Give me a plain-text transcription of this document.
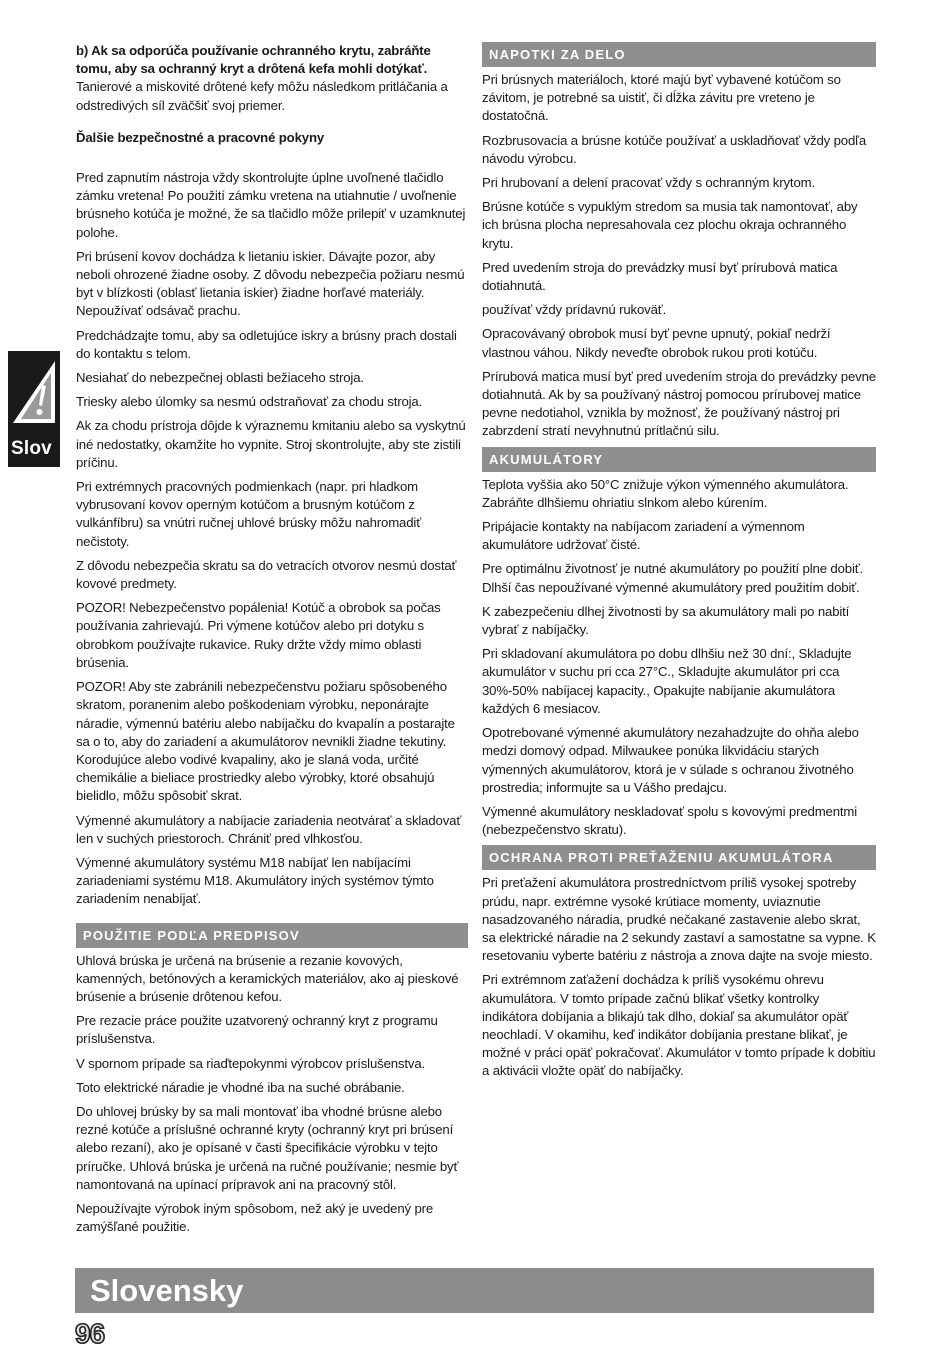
Slov

b) Ak sa odporúča používanie ochranného krytu, zabráňte tomu, aby sa ochranný kryt a drôtená kefa mohli dotýkať. Tanierové a miskovité drôtené kefy môžu následkom pritláčania a odstredivých síl zväčšiť svoj priemer.

Ďalšie bezpečnostné a pracovné pokyny

Pred zapnutím nástroja vždy skontrolujte úplne uvoľnené tlačidlo zámku vretena! Po použití zámku vretena na utiahnutie / uvoľnenie brúsneho kotúča je možné, že sa tlačidlo môže prilepiť v uzamknutej polohe.

Pri brúsení kovov dochádza k lietaniu iskier. Dávajte pozor, aby neboli ohrozené žiadne osoby. Z dôvodu nebezpečia požiaru nesmú byt v blízkosti (oblasť lietania iskier) žiadne horľavé materiály. Nepoužívať odsávač prachu.

Predchádzajte tomu, aby sa odletujúce iskry a brúsny prach dostali do kontaktu s telom.

Nesiahať do nebezpečnej oblasti bežiaceho stroja.

Triesky alebo úlomky sa nesmú odstraňovať za chodu stroja.

Ak za chodu prístroja dôjde k výraznemu kmitaniu alebo sa vyskytnú iné nedostatky, okamžite ho vypnite. Stroj skontrolujte, aby ste zistili príčinu.

Pri extrémnych pracovných podmienkach (napr. pri hladkom vybrusovaní kovov operným kotúčom a brusným kotúčom z vulkánfíbru) sa vnútri ručnej uhlové brúsky môžu nahromadiť nečistoty.

Z dôvodu nebezpečia skratu sa do vetracích otvorov nesmú dostať kovové predmety.

POZOR! Nebezpečenstvo popálenia! Kotúč a obrobok sa počas používania zahrievajú. Pri výmene kotúčov alebo pri dotyku s obrobkom používajte rukavice. Ruky držte vždy mimo oblasti brúsenia.

POZOR! Aby ste zabránili nebezpečenstvu požiaru spôsobeného skratom, poranenim alebo poškodeniam výrobku, neponárajte náradie, výmennú batériu alebo nabíjačku do kvapalín a postarajte sa o to, aby do zariadení a akumulátorov nevnikli žiadne tekutiny. Korodujúce alebo vodivé kvapaliny, ako je slaná voda, určité chemikálie a bieliace prostriedky alebo výrobky, ktoré obsahujú bielidlo, môžu spôsobiť skrat.

Výmenné akumulátory a nabíjacie zariadenia neotvárať a skladovať len v suchých priestoroch. Chrániť pred vlhkosťou.

Výmenné akumulátory systému M18 nabíjať len nabíjacími zariadeniami systému M18. Akumulátory iných systémov týmto zariadením nenabíjať.

POUŽITIE PODĽA PREDPISOV

Uhlová brúska je určená na brúsenie a rezanie kovových, kamenných, betónových a keramických materiálov, ako aj pieskové brúsenie a brúsenie drôtenou kefou.

Pre rezacie práce použite uzatvorený ochranný kryt z programu príslušenstva.

V spornom prípade sa riaďtepokynmi výrobcov príslušenstva.

Toto elektrické náradie je vhodné iba na suché obrábanie.

Do uhlovej brúsky by sa mali montovať iba vhodné brúsne alebo rezné kotúče a príslušné ochranné kryty (ochranný kryt pri brúsení alebo rezaní), ako je opísané v časti špecifikácie výrobku v tejto príručke. Uhlová brúska je určená na ručné používanie; nesmie byť namontovaná na upínací prípravok ani na pracovný stôl.

Nepoužívajte výrobok iným spôsobom, než aký je uvedený pre zamýšľané použitie.

NAPOTKI ZA DELO

Pri brúsnych materiáloch, ktoré majú byť vybavené kotúčom so závitom, je potrebné sa uistiť, či dĺžka závitu pre vreteno je dostatočná.

Rozbrusovacia a brúsne kotúče používať a uskladňovať vždy podľa návodu výrobcu.

Pri hrubovaní a delení pracovať vždy s ochranným krytom.

Brúsne kotúče s vypuklým stredom sa musia tak namontovať, aby ich brúsna plocha nepresahovala cez plochu okraja ochranného krytu.

Pred uvedením stroja do prevádzky musí byť prírubová matica dotiahnutá.

používať vždy prídavnú rukoväť.

Opracovávaný obrobok musí byť pevne upnutý, pokiaľ nedrží vlastnou váhou. Nikdy neveďte obrobok rukou proti kotúču.

Prírubová matica musí byť pred uvedením stroja do prevádzky pevne dotiahnutá. Ak by sa používaný nástroj pomocou prírubovej matice pevne nedotiahol, vznikla by možnosť, že používaný nástroj pri zabrzdení stratí nevyhnutnú prítlačnú silu.

AKUMULÁTORY

Teplota vyššia ako 50°C znižuje výkon výmenného akumulátora. Zabráňte dlhšiemu ohriatiu slnkom alebo kúrením.

Pripájacie kontakty na nabíjacom zariadení a výmennom akumulátore udržovať čisté.

Pre optimálnu životnosť je nutné akumulátory po použití plne dobiť. Dlhší čas nepoužívané výmenné akumulátory pred použitím dobiť.

K zabezpečeniu dlhej životnosti by sa akumulátory mali po nabití vybrať z nabíjačky.

Pri skladovaní akumulátora po dobu dlhšiu než 30 dní:, Skladujte akumulátor v suchu pri cca 27°C., Skladujte akumulátor pri cca 30%-50% nabíjacej kapacity., Opakujte nabíjanie akumulátora každých 6 mesiacov.

Opotrebované výmenné akumulátory nezahadzujte do ohňa alebo medzi domový odpad. Milwaukee ponúka likvidáciu starých výmenných akumulátorov, ktorá je v súlade s ochranou životného prostredia; informujte sa u Vášho predajcu.

Výmenné akumulátory neskladovať spolu s kovovými predmentmi (nebezpečenstvo skratu).

OCHRANA PROTI PREŤAŽENIU AKUMULÁTORA

Pri preťažení akumulátora prostredníctvom príliš vysokej spotreby prúdu, napr. extrémne vysoké krútiace momenty, uviaznutie nasadzovaného náradia, prudké nečakané zastavenie alebo skrat, sa elektrické náradie na 2 sekundy zastaví a samostatne sa vypne. K resetovaniu vyberte batériu z nástroja a znova dajte na svoje miesto.

Pri extrémnom zaťažení dochádza k príliš vysokému ohrevu akumulátora. V tomto prípade začnú blikať všetky kontrolky indikátora dobíjania a blikajú tak dlho, dokiaľ sa akumulátor opäť neochladí. V okamihu, keď indikátor dobíjania prestane blikať, je možné v práci opäť pokračovať. Akumulátor v tomto prípade k dobitiu a aktivácii vložte opäť do nabíjačky.

Slovensky
96
